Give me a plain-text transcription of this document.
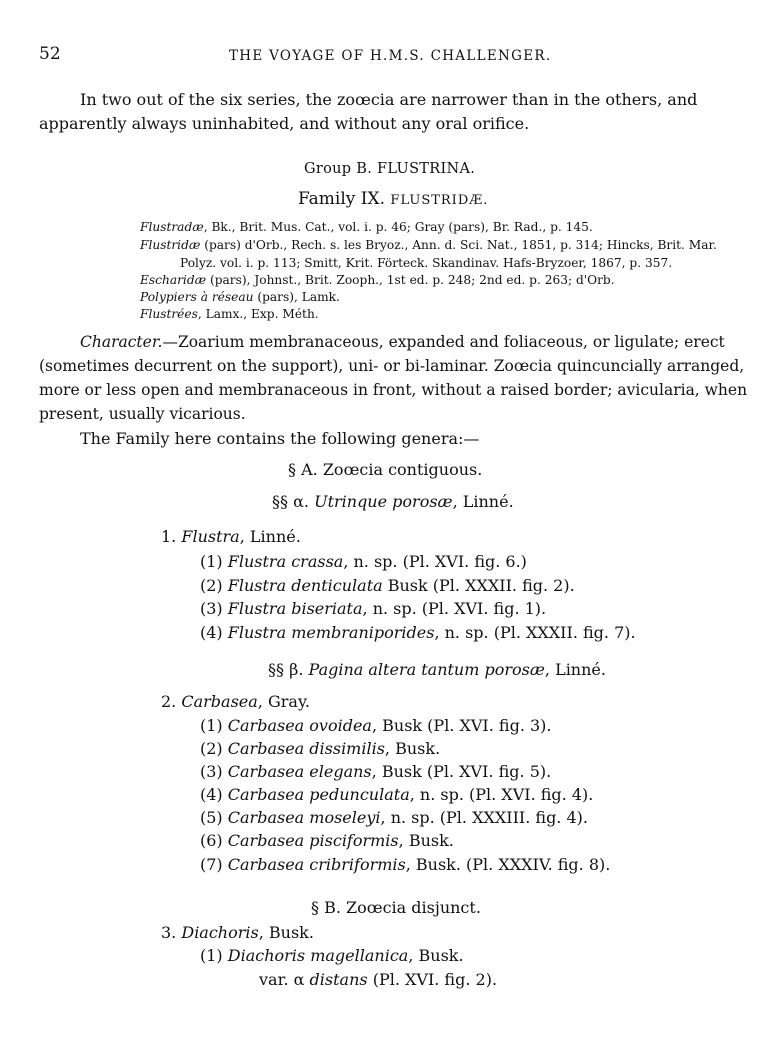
52	THE VOYAGE OF H.M.S. CHALLENGER.
In two out of the six series, the zoœcia are narrower than in the others, and
apparently always uninhabited, and without any oral orifice.
Group B. FLUSTRINA.
Family IX. FLUSTRIDÆ.
Flustradæ, Bk., Brit. Mus. Cat., vol. i. p. 46; Gray (pars), Br. Rad., p. 145.
Flustridæ (pars) d'Orb., Rech. s. les Bryoz., Ann. d. Sci. Nat., 1851, p. 314; Hincks, Brit. Mar.
Polyz. vol. i. p. 113; Smitt, Krit. Förteck. Skandinav. Hafs-Bryzoer, 1867, p. 357.
Escharidæ (pars), Johnst., Brit. Zooph., 1st ed. p. 248; 2nd ed. p. 263; d'Orb.
Polypiers à réseau (pars), Lamk.
Flustrées, Lamx., Exp. Méth.
Character.—Zoarium membranaceous, expanded and foliaceous, or ligulate; erect
(sometimes decurrent on the support), uni- or bi-laminar. Zoœcia quincuncially arranged,
more or less open and membranaceous in front, without a raised border; avicularia, when
present, usually vicarious.
The Family here contains the following genera:—
§ A. Zoœcia contiguous.
§§ α. Utrinque porosæ, Linné.
1. Flustra, Linné.
(1) Flustra crassa, n. sp. (Pl. XVI. fig. 6.)
(2) Flustra denticulata Busk (Pl. XXXII. fig. 2).
(3) Flustra biseriata, n. sp. (Pl. XVI. fig. 1).
(4) Flustra membraniporides, n. sp. (Pl. XXXII. fig. 7).
§§ β. Pagina altera tantum porosæ, Linné.
2. Carbasea, Gray.
(1) Carbasea ovoidea, Busk (Pl. XVI. fig. 3).
(2) Carbasea dissimilis, Busk.
(3) Carbasea elegans, Busk (Pl. XVI. fig. 5).
(4) Carbasea pedunculata, n. sp. (Pl. XVI. fig. 4).
(5) Carbasea moseleyi, n. sp. (Pl. XXXIII. fig. 4).
(6) Carbasea pisciformis, Busk.
(7) Carbasea cribriformis, Busk. (Pl. XXXIV. fig. 8).
§ B. Zoœcia disjunct.
3. Diachoris, Busk.
(1) Diachoris magellanica, Busk.
var. α distans (Pl. XVI. fig. 2).
